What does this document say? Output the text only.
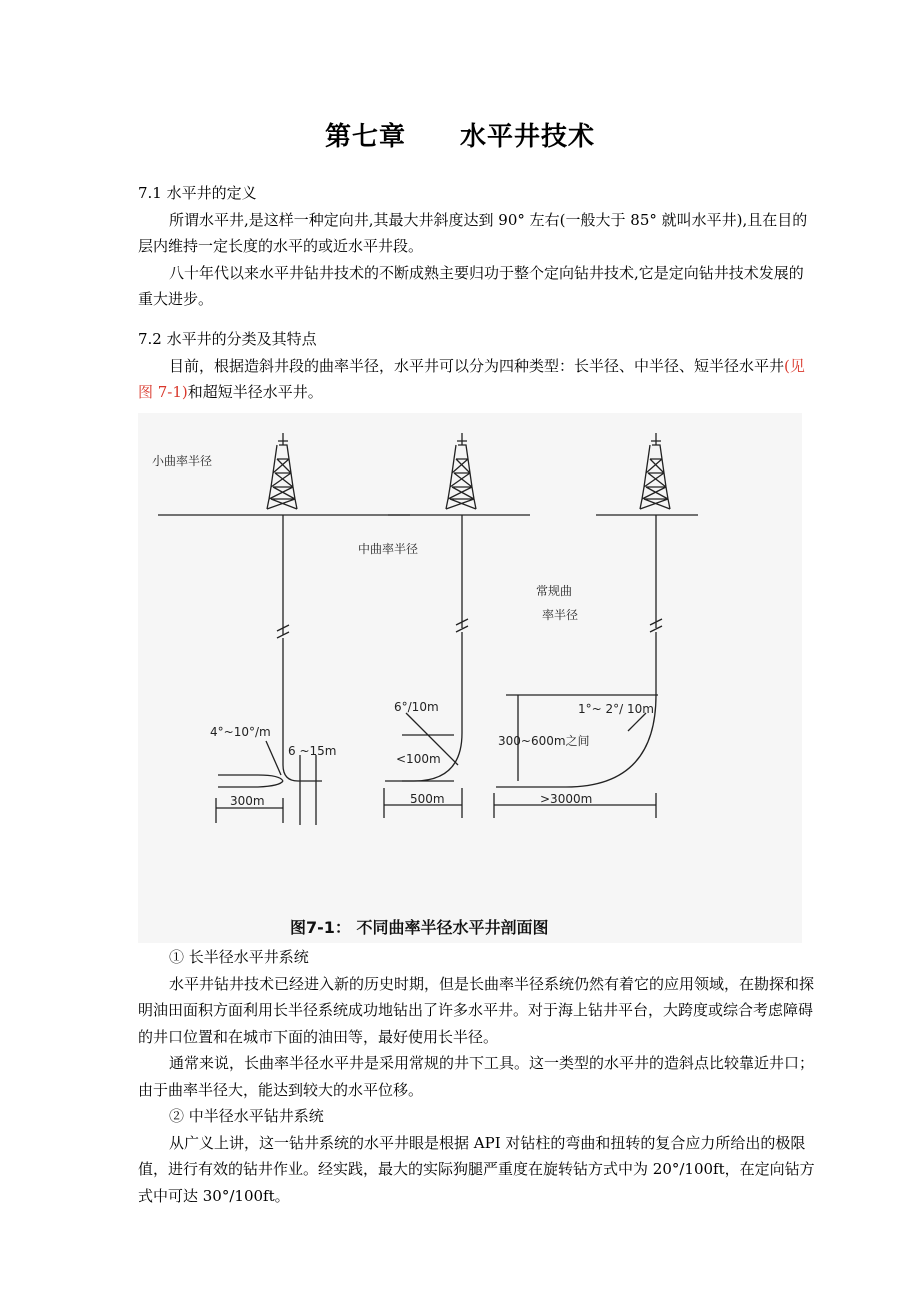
第七章　　水平井技术

7.1 水平井的定义

所谓水平井,是这样一种定向井,其最大井斜度达到 90° 左右(一般大于 85° 就叫水平井),且在目的层内维持一定长度的水平的或近水平井段。

八十年代以来水平井钻井技术的不断成熟主要归功于整个定向钻井技术,它是定向钻井技术发展的重大进步。

7.2 水平井的分类及其特点

目前，根据造斜井段的曲率半径，水平井可以分为四种类型：长半径、中半径、短半径水平井(见图 7-1)和超短半径水平井。

小曲率半径
4°~10°/m
6 ~15m
300m
中曲率半径
6°/10m
<100m
500m
常规曲
率半径
1°~ 2°/ 10m
300~600m之间
>3000m
图7-1： 不同曲率半径水平井剖面图

① 长半径水平井系统

水平井钻井技术已经进入新的历史时期，但是长曲率半径系统仍然有着它的应用领域，在勘探和探明油田面积方面利用长半径系统成功地钻出了许多水平井。对于海上钻井平台，大跨度或综合考虑障碍的井口位置和在城市下面的油田等，最好使用长半径。

通常来说，长曲率半径水平井是采用常规的井下工具。这一类型的水平井的造斜点比较靠近井口；由于曲率半径大，能达到较大的水平位移。

② 中半径水平钻井系统

从广义上讲，这一钻井系统的水平井眼是根据 API 对钻柱的弯曲和扭转的复合应力所给出的极限值，进行有效的钻井作业。经实践，最大的实际狗腿严重度在旋转钻方式中为 20°/100ft，在定向钻方式中可达 30°/100ft。
